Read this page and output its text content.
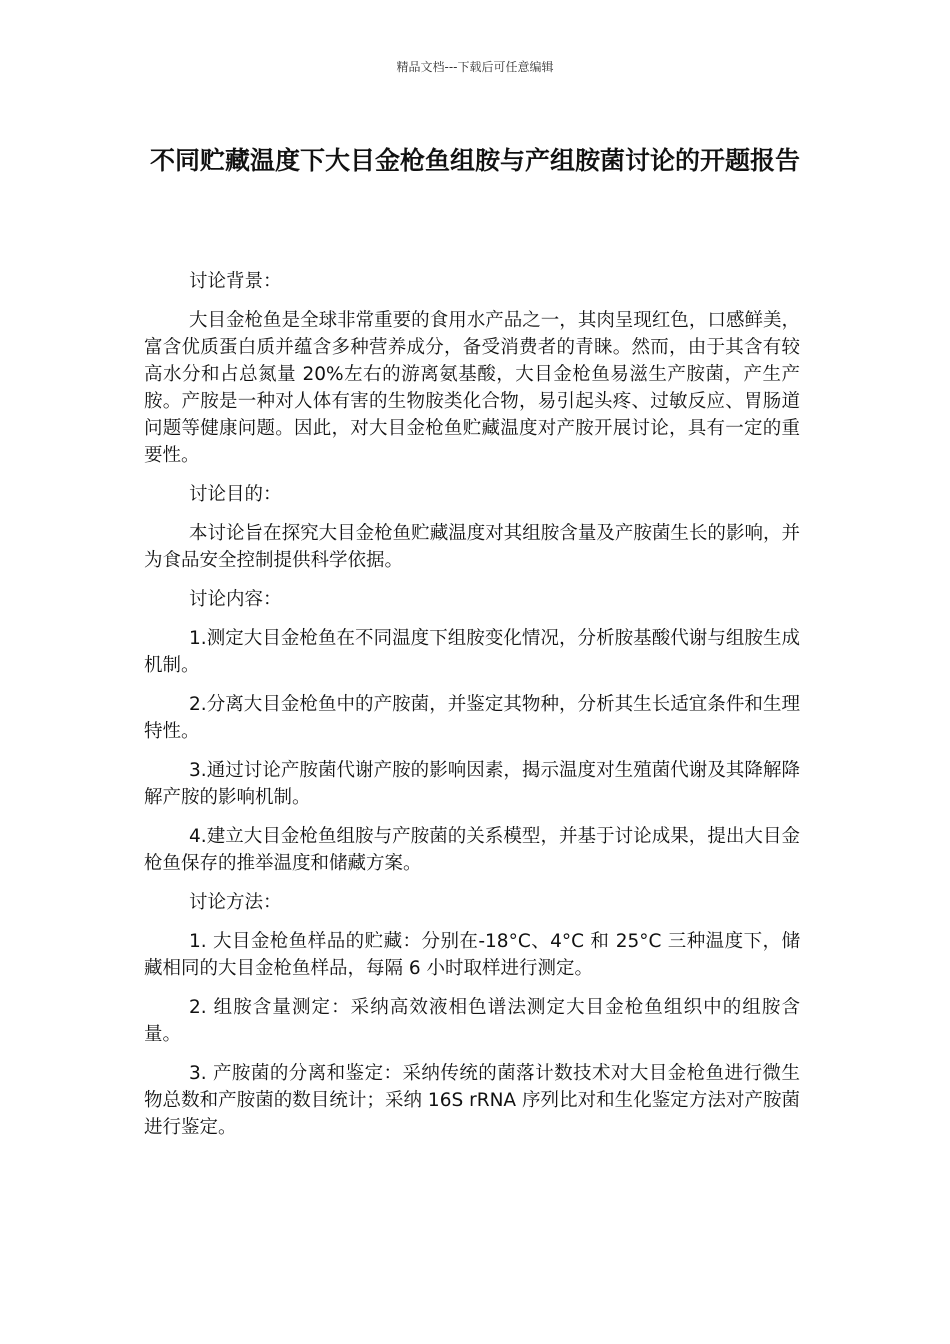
精品文档---下载后可任意编辑
不同贮藏温度下大目金枪鱼组胺与产组胺菌讨论的开题报告

讨论背景：

大目金枪鱼是全球非常重要的食用水产品之一，其肉呈现红色，口感鲜美，富含优质蛋白质并蕴含多种营养成分，备受消费者的青睐。然而，由于其含有较高水分和占总氮量 20%左右的游离氨基酸，大目金枪鱼易滋生产胺菌，产生产胺。产胺是一种对人体有害的生物胺类化合物，易引起头疼、过敏反应、胃肠道问题等健康问题。因此，对大目金枪鱼贮藏温度对产胺开展讨论，具有一定的重要性。

讨论目的：

本讨论旨在探究大目金枪鱼贮藏温度对其组胺含量及产胺菌生长的影响，并为食品安全控制提供科学依据。

讨论内容：

1.测定大目金枪鱼在不同温度下组胺变化情况，分析胺基酸代谢与组胺生成机制。

2.分离大目金枪鱼中的产胺菌，并鉴定其物种，分析其生长适宜条件和生理特性。

3.通过讨论产胺菌代谢产胺的影响因素，揭示温度对生殖菌代谢及其降解降解产胺的影响机制。

4.建立大目金枪鱼组胺与产胺菌的关系模型，并基于讨论成果，提出大目金枪鱼保存的推举温度和储藏方案。

讨论方法：

1. 大目金枪鱼样品的贮藏：分别在-18°C、4°C 和 25°C 三种温度下，储藏相同的大目金枪鱼样品，每隔 6 小时取样进行测定。

2. 组胺含量测定：采纳高效液相色谱法测定大目金枪鱼组织中的组胺含量。

3. 产胺菌的分离和鉴定：采纳传统的菌落计数技术对大目金枪鱼进行微生物总数和产胺菌的数目统计；采纳 16S rRNA 序列比对和生化鉴定方法对产胺菌进行鉴定。
